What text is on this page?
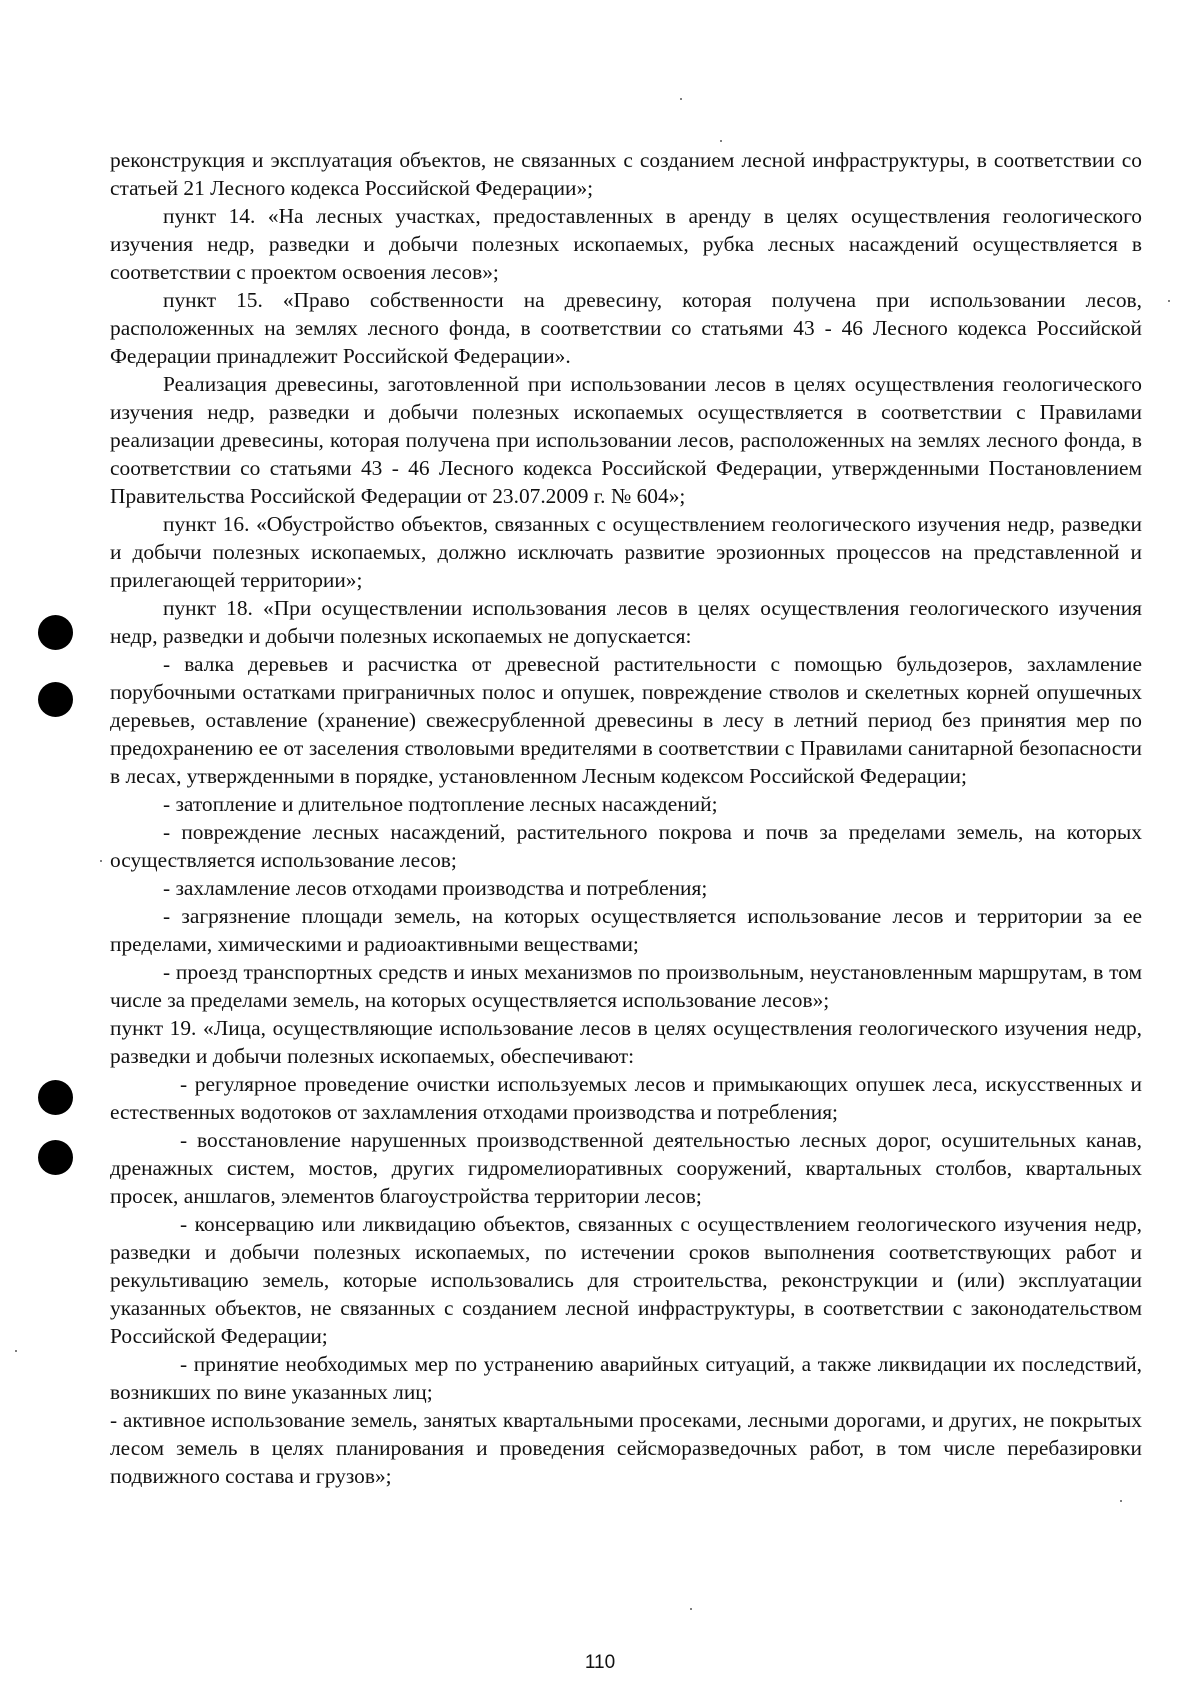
реконструкция и эксплуатация объектов, не связанных с созданием лесной инфраструктуры, в соответствии со статьей 21 Лесного кодекса Российской Федерации»;

пункт 14. «На лесных участках, предоставленных в аренду в целях осуществления геологического изучения недр, разведки и добычи полезных ископаемых, рубка лесных насаждений осуществляется в соответствии с проектом освоения лесов»;

пункт 15. «Право собственности на древесину, которая получена при использовании лесов, расположенных на землях лесного фонда, в соответствии со статьями 43 - 46 Лесного кодекса Российской Федерации принадлежит Российской Федерации».

Реализация древесины, заготовленной при использовании лесов в целях осуществления геологического изучения недр, разведки и добычи полезных ископаемых осуществляется в соответствии с Правилами реализации древесины, которая получена при использовании лесов, расположенных на землях лесного фонда, в соответствии со статьями 43 - 46 Лесного кодекса Российской Федерации, утвержденными Постановлением Правительства Российской Федерации от 23.07.2009 г. № 604»;

пункт 16. «Обустройство объектов, связанных с осуществлением геологического изучения недр, разведки и добычи полезных ископаемых, должно исключать развитие эрозионных процессов на представленной и прилегающей территории»;

пункт 18. «При осуществлении использования лесов в целях осуществления геологического изучения недр, разведки и добычи полезных ископаемых не допускается:

- валка деревьев и расчистка от древесной растительности с помощью бульдозеров, захламление порубочными остатками приграничных полос и опушек, повреждение стволов и скелетных корней опушечных деревьев, оставление (хранение) свежесрубленной древесины в лесу в летний период без принятия мер по предохранению ее от заселения стволовыми вредителями в соответствии с Правилами санитарной безопасности в лесах, утвержденными в порядке, установленном Лесным кодексом Российской Федерации;

- затопление и длительное подтопление лесных насаждений;

- повреждение лесных насаждений, растительного покрова и почв за пределами земель, на которых осуществляется использование лесов;

- захламление лесов отходами производства и потребления;

- загрязнение площади земель, на которых осуществляется использование лесов и территории за ее пределами, химическими и радиоактивными веществами;

- проезд транспортных средств и иных механизмов по произвольным, неустановленным маршрутам, в том числе за пределами земель, на которых осуществляется использование лесов»;

пункт 19. «Лица, осуществляющие использование лесов в целях осуществления геологического изучения недр, разведки и добычи полезных ископаемых, обеспечивают:

- регулярное проведение очистки используемых лесов и примыкающих опушек леса, искусственных и естественных водотоков от захламления отходами производства и потребления;

- восстановление нарушенных производственной деятельностью лесных дорог, осушительных канав, дренажных систем, мостов, других гидромелиоративных сооружений, квартальных столбов, квартальных просек, аншлагов, элементов благоустройства территории лесов;

- консервацию или ликвидацию объектов, связанных с осуществлением геологического изучения недр, разведки и добычи полезных ископаемых, по истечении сроков выполнения соответствующих работ и рекультивацию земель, которые использовались для строительства, реконструкции и (или) эксплуатации указанных объектов, не связанных с созданием лесной инфраструктуры, в соответствии с законодательством Российской Федерации;

- принятие необходимых мер по устранению аварийных ситуаций, а также ликвидации их последствий, возникших по вине указанных лиц;

- активное использование земель, занятых квартальными просеками, лесными дорогами, и других, не покрытых лесом земель в целях планирования и проведения сейсморазведочных работ, в том числе перебазировки подвижного состава и грузов»;

110
